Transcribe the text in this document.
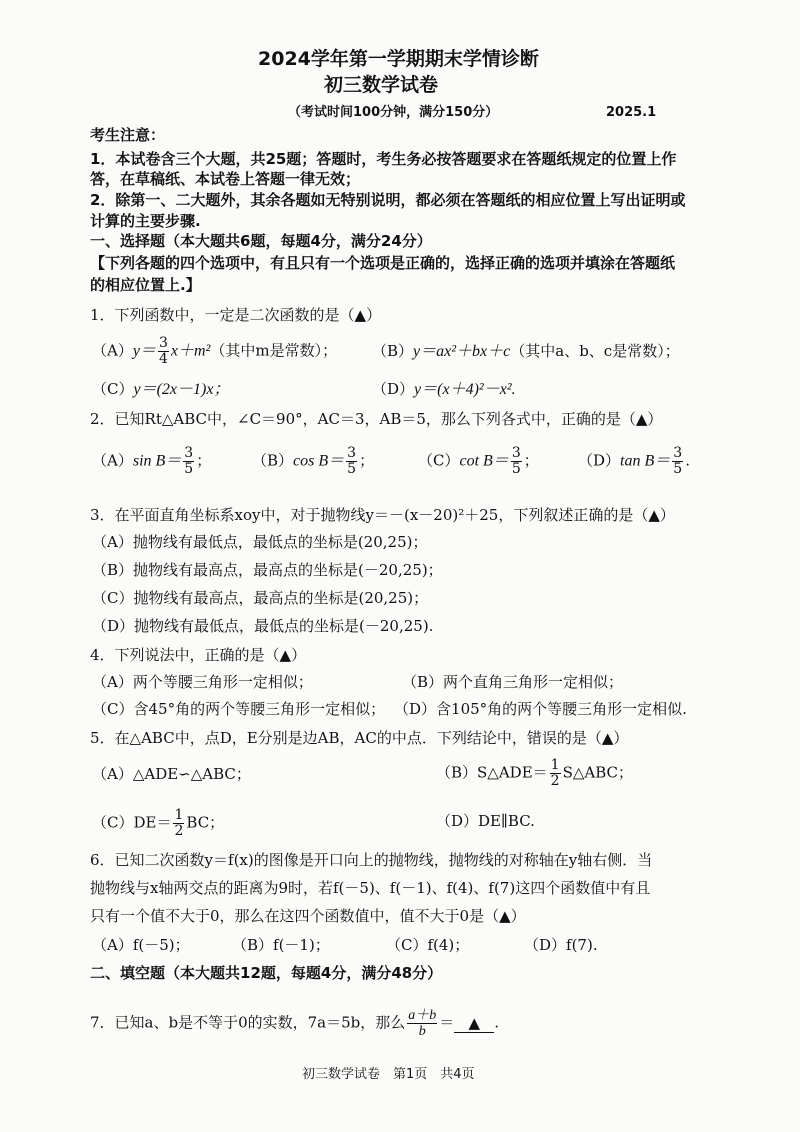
2024学年第一学期期末学情诊断
初三数学试卷
（考试时间100分钟，满分150分）	2025.1
考生注意：
1．本试卷含三个大题，共25题；答题时，考生务必按答题要求在答题纸规定的位置上作
答，在草稿纸、本试卷上答题一律无效；
2．除第一、二大题外，其余各题如无特别说明，都必须在答题纸的相应位置上写出证明或
计算的主要步骤.
一、选择题（本大题共6题，每题4分，满分24分）
【下列各题的四个选项中，有且只有一个选项是正确的，选择正确的选项并填涂在答题纸
的相应位置上.】
1．下列函数中，一定是二次函数的是（▲）
$(A)y= \frac{3}{4} x+m^2$（其中m是常数）； （B）y＝ax²＋bx＋c（其中a、b、c是常数）；
（C）y＝(2x－1)x；	（D）y＝(x＋4)²－x².
2．已知Rt△ABC中，∠C＝90°，AC＝3，AB＝5，那么下列各式中，正确的是（▲）
（A）sin $B= \frac{3}{5}$ ；	（B）cos $B= \frac{3}{5}$ ；	（C）cot $B= \frac{3}{5}$ ；	（D）tan $B= \frac{3}{5}$ .
3．在平面直角坐标系xoy中，对于抛物线y＝－(x－20)²＋25，下列叙述正确的是（▲）
（A）抛物线有最低点，最低点的坐标是(20,25)；
（B）抛物线有最高点，最高点的坐标是(－20,25)；
（C）抛物线有最高点，最高点的坐标是(20,25)；
（D）抛物线有最低点，最低点的坐标是(－20,25).
4．下列说法中，正确的是（▲）
（A）两个等腰三角形一定相似；	（B）两个直角三角形一定相似；
（C）含45°角的两个等腰三角形一定相似； （D）含105°角的两个等腰三角形一定相似.
5．在△ABC中，点D，E分别是边AB，AC的中点．下列结论中，错误的是（▲）
（A）△ADE∽△ABC；	（B）S△ADE＝ $\frac{1}{2}$ S△ABC；
$(C)DE= \frac{1}{2}$ BC；	（D）DE∥BC.
6．已知二次函数y＝f(x)的图像是开口向上的抛物线，抛物线的对称轴在y轴右侧．当
抛物线与x轴两交点的距离为9时，若f(－5)、f(－1)、f(4)、f(7)这四个函数值中有且
只有一个值不大于0，那么在这四个函数值中，值不大于0是（▲）
（A）f(－5)；	（B）f(－1)；	（C）f(4)；	（D）f(7).
二、填空题（本大题共12题，每题4分，满分48分）
7．已知a、b是不等于0的实数，7a＝5b，那么 $\frac{a+b}{b}$ ＝ ▲ .
初三数学试卷　第1页　共4页
